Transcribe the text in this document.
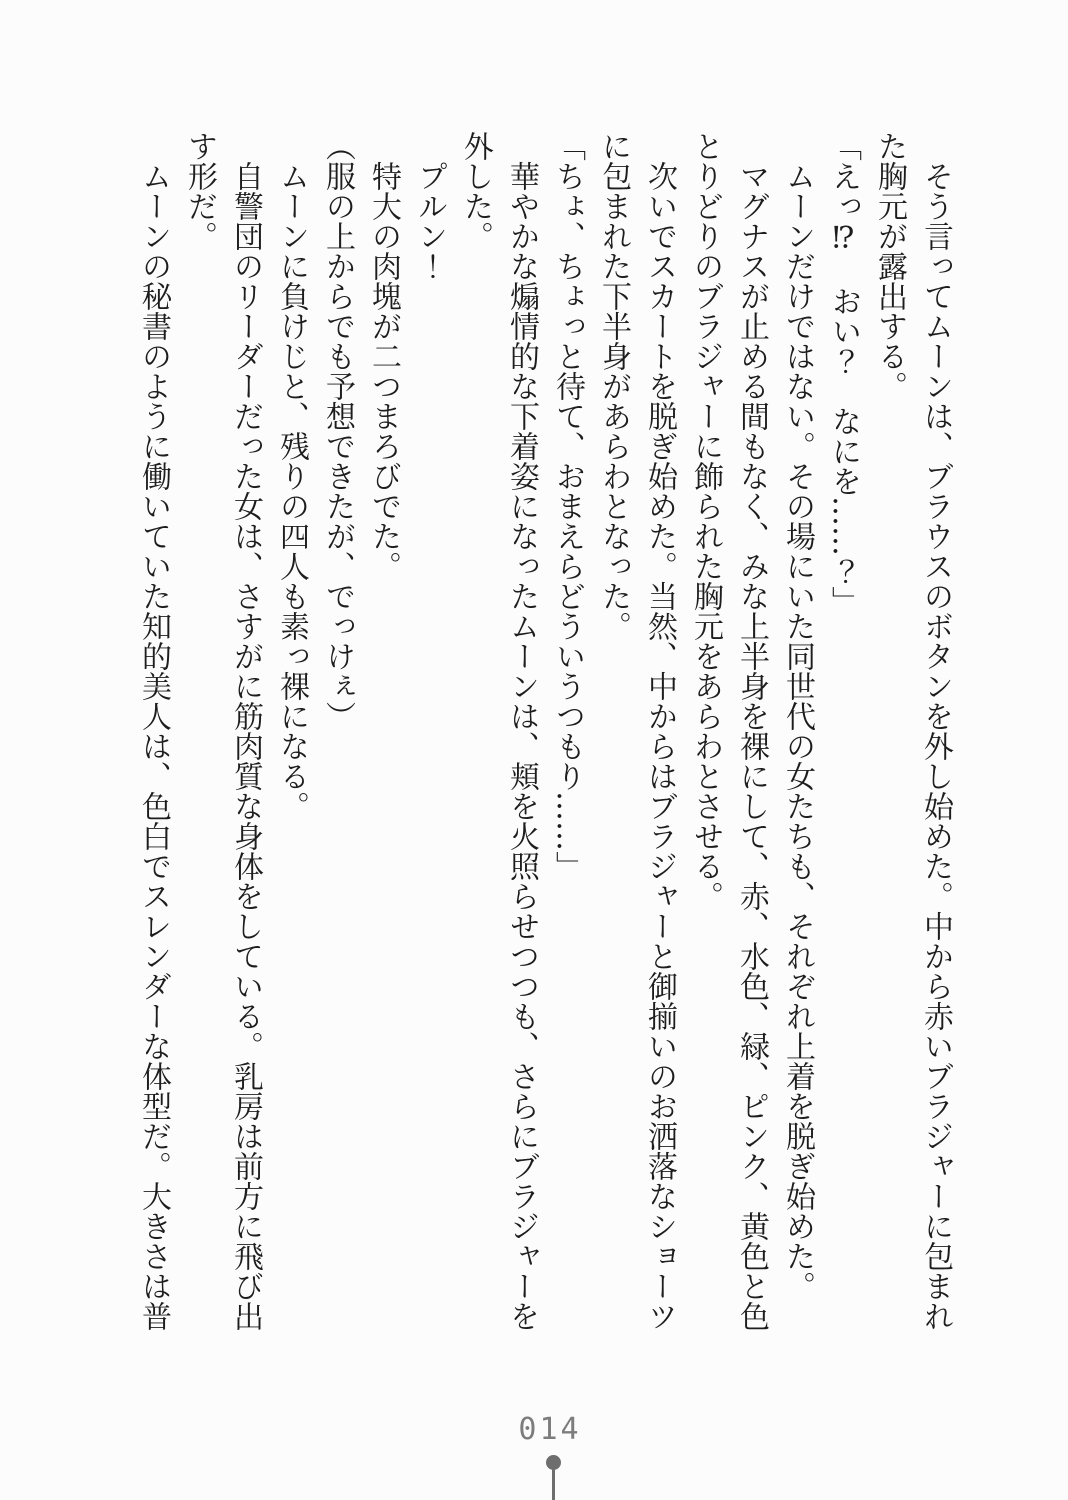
　そう言ってムーンは、ブラウスのボタンを外し始めた。中から赤いブラジャーに包まれ

た胸元が露出する。

「えっ⁉　おい？　なにを……？」

　ムーンだけではない。その場にいた同世代の女たちも、それぞれ上着を脱ぎ始めた。

　マグナスが止める間もなく、みな上半身を裸にして、赤、水色、緑、ピンク、黄色と色

とりどりのブラジャーに飾られた胸元をあらわとさせる。

　次いでスカートを脱ぎ始めた。当然、中からはブラジャーと御揃いのお洒落なショーツ

に包まれた下半身があらわとなった。

「ちょ、ちょっと待て、おまえらどういうつもり……」

　華やかな煽情的な下着姿になったムーンは、頬を火照らせつつも、さらにブラジャーを

外した。

　プルン！

　特大の肉塊が二つまろびでた。

（服の上からでも予想できたが、でっけぇ）

　ムーンに負けじと、残りの四人も素っ裸になる。

　自警団のリーダーだった女は、さすがに筋肉質な身体をしている。乳房は前方に飛び出

す形だ。

　ムーンの秘書のように働いていた知的美人は、色白でスレンダーな体型だ。大きさは普

014
